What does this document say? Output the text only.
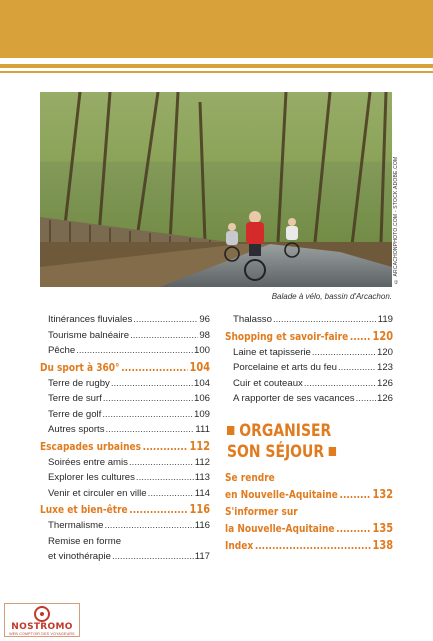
© ARCACHONPHOTO.COM - STOCK.ADOBE.COM
Balade à vélo, bassin d'Arcachon.
Itinérances fluviales .....	96
Tourisme balnéaire .....	98
Pêche .....	100
Du sport à 360° .....	104
Terre de rugby .....	104
Terre de surf .....	106
Terre de golf .....	109
Autres sports .....	111
Escapades urbaines .....	112
Soirées entre amis .....	112
Explorer les cultures .....	113
Venir et circuler en ville .....	114
Luxe et bien-être .....	116
Thermalisme .....	116
Remise en forme
et vinothérapie .....	117
Thalasso .....	119
Shopping et savoir-faire ..... 120
Laine et tapisserie .....	120
Porcelaine et arts du feu .....	123
Cuir et couteaux .....	126
A rapporter de ses vacances ..... 126
ORGANISER
SON SÉJOUR
Se rendre
en Nouvelle-Aquitaine .....	132
S'informer sur
la Nouvelle-Aquitaine .....	135
Index .....	138
NOSTROMO
WEB COMPTOIR DES VOYAGEURS
